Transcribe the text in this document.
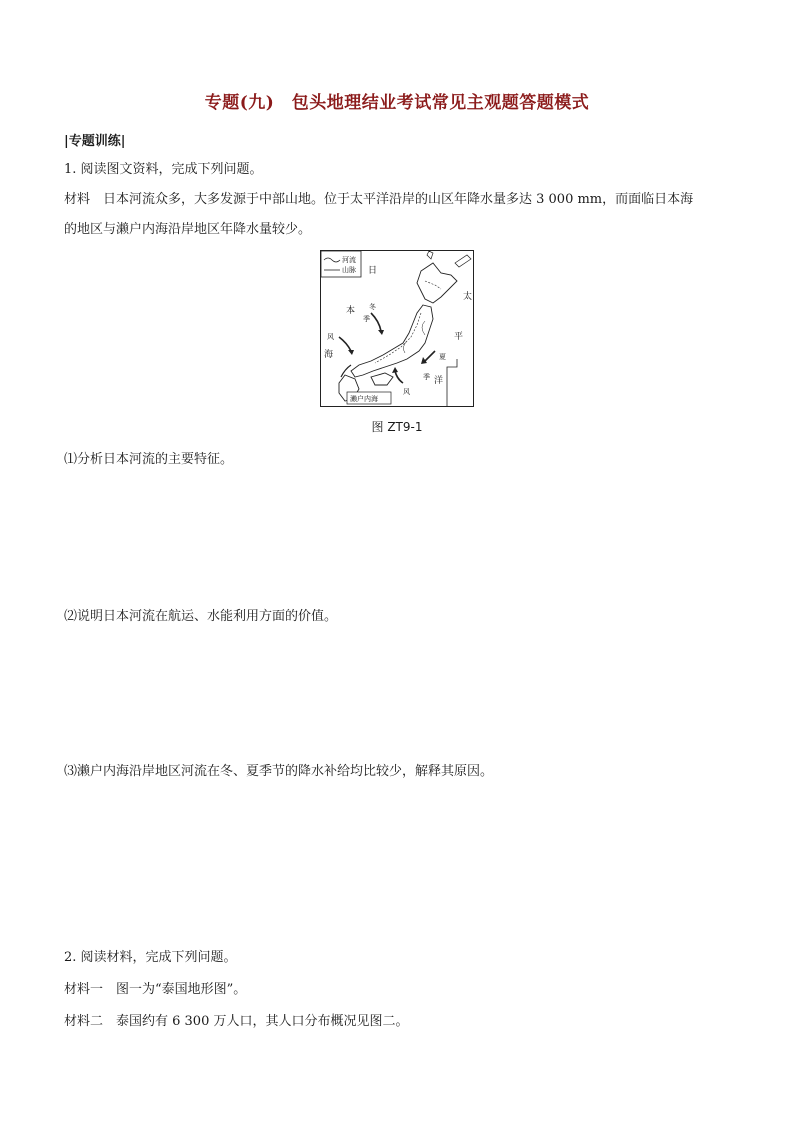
专题(九)　包头地理结业考试常见主观题答题模式
|专题训练|
1. 阅读图文资料，完成下列问题。
材料　日本河流众多，大多发源于中部山地。位于太平洋沿岸的山区年降水量多达 3 000 mm，而面临日本海
的地区与濑户内海沿岸地区年降水量较少。
河流
山脉
濑户内海
日
本
海
太
平
洋
冬
季
风
夏
季
风
图 ZT9-1
⑴分析日本河流的主要特征。
⑵说明日本河流在航运、水能利用方面的价值。
⑶濑户内海沿岸地区河流在冬、夏季节的降水补给均比较少，解释其原因。
2. 阅读材料，完成下列问题。
材料一　图一为“泰国地形图”。
材料二　泰国约有 6 300 万人口，其人口分布概况见图二。
